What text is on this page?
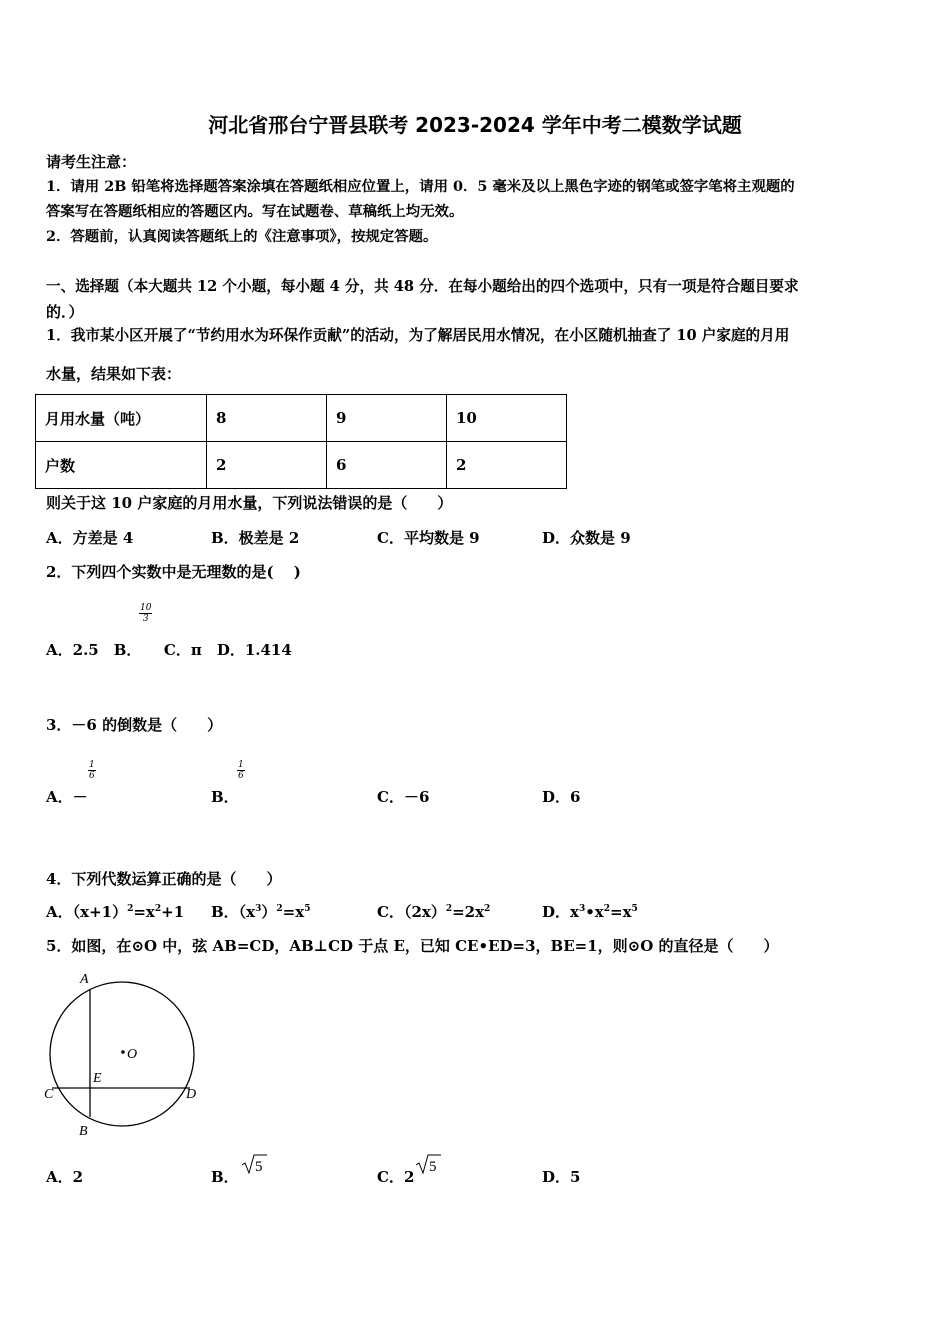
河北省邢台宁晋县联考 2023-2024 学年中考二模数学试题
请考生注意：
1．请用 2B 铅笔将选择题答案涂填在答题纸相应位置上，请用 0．5 毫米及以上黑色字迹的钢笔或签字笔将主观题的
答案写在答题纸相应的答题区内。写在试题卷、草稿纸上均无效。
2．答题前，认真阅读答题纸上的《注意事项》，按规定答题。
一、选择题（本大题共 12 个小题，每小题 4 分，共 48 分．在每小题给出的四个选项中，只有一项是符合题目要求
的．）
1．我市某小区开展了“节约用水为环保作贡献”的活动，为了解居民用水情况，在小区随机抽查了 10 户家庭的月用
水量，结果如下表：
月用水量（吨）	8	9	10
户数	2	6	2
则关于这 10 户家庭的月用水量，下列说法错误的是（　　）
A．方差是 4	B．极差是 2	C．平均数是 9	D．众数是 9
2．下列四个实数中是无理数的是(　 )
$\frac{10}{3}$
A．2.5　B．　　C．π　D．1.414
3．－6 的倒数是（　　）
$\frac{1}{6}$	$\frac{1}{6}$
A．－	B．	C．－6	D．6
4．下列代数运算正确的是（　　）
A．$(x+1)^2=x^2+1$ B．$(x^3)^2=x^5$	C．$(2x)^2=2x^2$	D．$x^3•x^2=x^5$
5．如图，在⊙O 中，弦 AB=CD，AB⊥CD 于点 E，已知 CE•ED=3，BE=1，则⊙O 的直径是（　　）
A
B
C	D
E
O
A．2	B．
5
C．2
5
D．5
